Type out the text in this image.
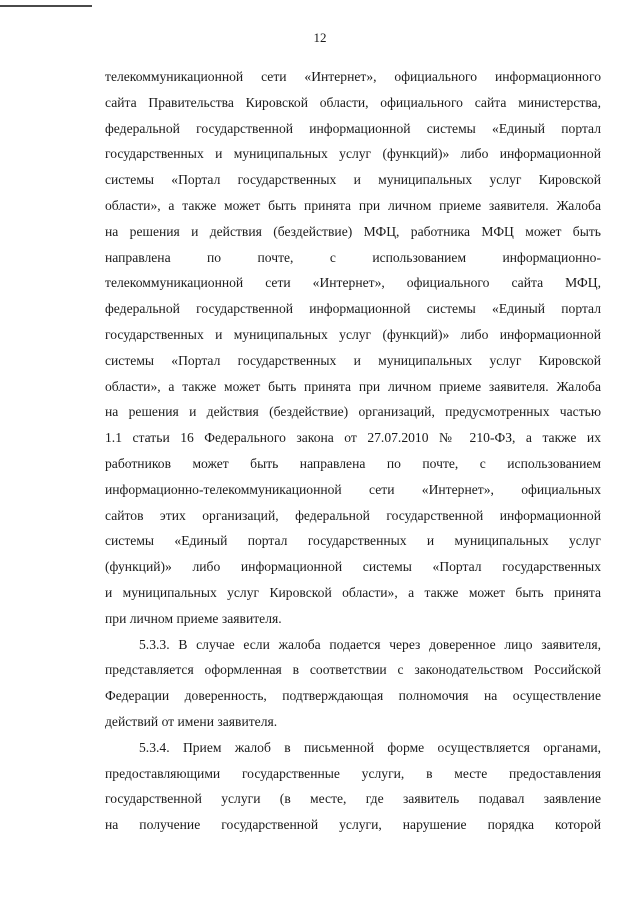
12
телекоммуникационной сети «Интернет», официального информационного
сайта Правительства Кировской области, официального сайта министерства,
федеральной государственной информационной системы «Единый портал
государственных и муниципальных услуг (функций)» либо информационной
системы «Портал государственных и муниципальных услуг Кировской
области», а также может быть принята при личном приеме заявителя. Жалоба
на решения и действия (бездействие) МФЦ, работника МФЦ может быть
направлена по почте, с использованием информационно-
телекоммуникационной сети «Интернет», официального сайта МФЦ,
федеральной государственной информационной системы «Единый портал
государственных и муниципальных услуг (функций)» либо информационной
системы «Портал государственных и муниципальных услуг Кировской
области», а также может быть принята при личном приеме заявителя. Жалоба
на решения и действия (бездействие) организаций, предусмотренных частью
1.1 статьи 16 Федерального закона от 27.07.2010 № 210-ФЗ, а также их
работников может быть направлена по почте, с использованием
информационно-телекоммуникационной сети «Интернет», официальных
сайтов этих организаций, федеральной государственной информационной
системы «Единый портал государственных и муниципальных услуг
(функций)» либо информационной системы «Портал государственных
и муниципальных услуг Кировской области», а также может быть принята
при личном приеме заявителя.
5.3.3. В случае если жалоба подается через доверенное лицо заявителя,
представляется оформленная в соответствии с законодательством Российской
Федерации доверенность, подтверждающая полномочия на осуществление
действий от имени заявителя.
5.3.4. Прием жалоб в письменной форме осуществляется органами,
предоставляющими государственные услуги, в месте предоставления
государственной услуги (в месте, где заявитель подавал заявление
на получение государственной услуги, нарушение порядка которой
